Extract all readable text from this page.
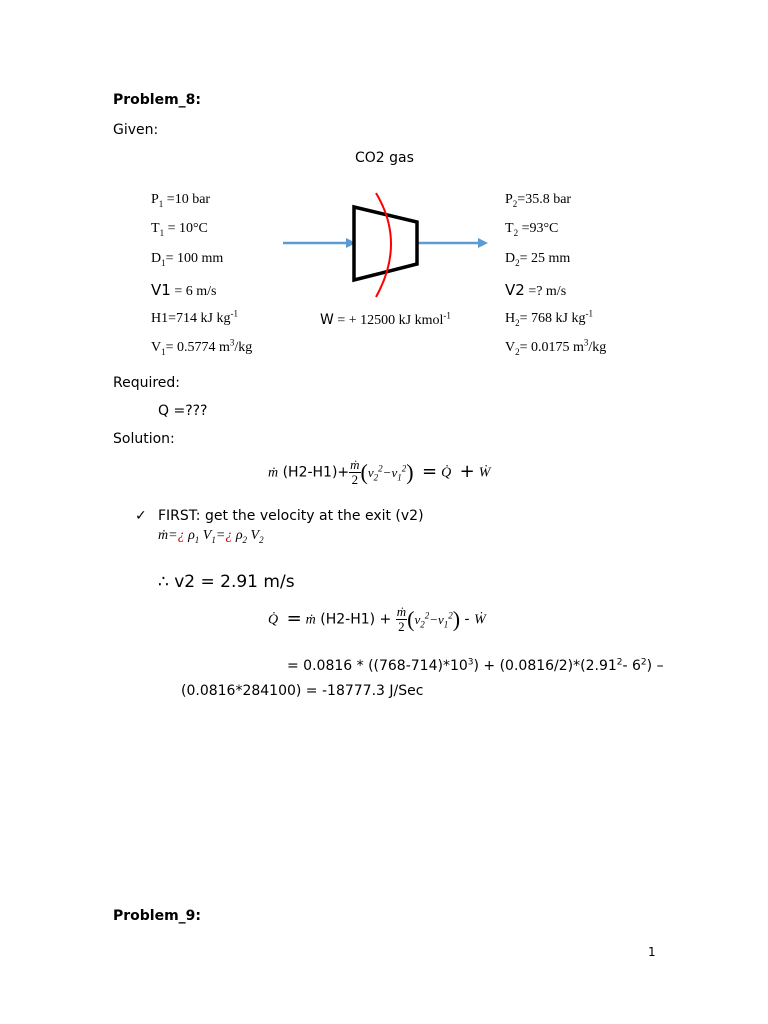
Problem_8:
Given:
CO2 gas
$P_1 =10$ bar
$T_1 = 10^\circ C$
$D_1= 100$ mm
V1 = 6 m/s
H1=714 kJ $kg^{-1}$
$V_1= 0.5774$ $m^3/kg$
$P_2=35.8$ bar
$T_2 =93^\circ C$
$D_2= 25$ mm
V2 =? m/s
$H_2= 768$ kJ $kg^{-1}$
$V_2= 0.0175$ $m^3/kg$
W = + 12500 kJ kmol$^{-1}$
Required:
Q =???
Solution:
ṁ $(H2-H1)+ \frac{\text{ṁ}}{2} (v_2^2-v_1^2)$ = Q̇ + Ẇ
✓ FIRST: get the velocity at the exit (v2)
ṁ=¿ $\rho_1$ $V_1=¿$ $\rho_2$ $V_2$
∴ v2 = 2.91 m/s
Q̇ = ṁ $(H2-H1) + \frac{\text{ṁ}}{2} (v_2^2-v_1^2)$ - Ẇ
= $0.0816 * ((768-714)*10^3) + (0.0816/2)*(2.91^2-$ $6^2$) –
(0.0816*284100) = -18777.3 J/Sec
Problem_9:
1
